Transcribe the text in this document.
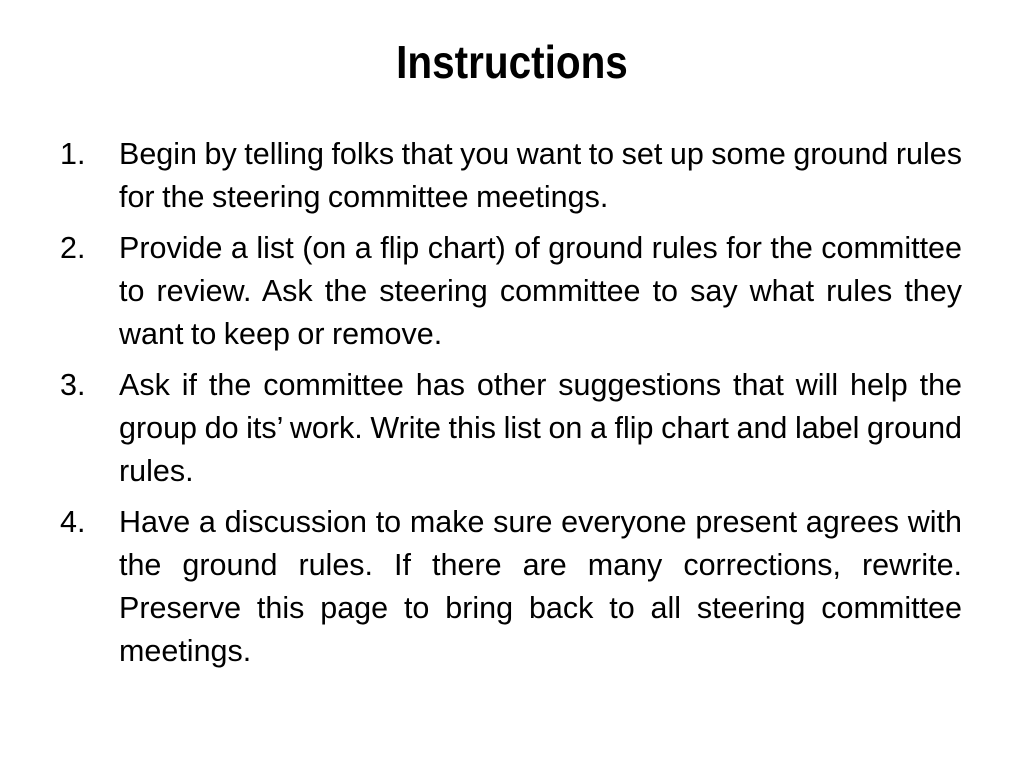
Instructions
1. Begin by telling folks that you want to set up some ground rules for the steering committee meetings.
2. Provide a list (on a flip chart) of ground rules for the committee to review. Ask the steering committee to say what rules they want to keep or remove.
3. Ask if the committee has other suggestions that will help the group do its’ work. Write this list on a flip chart and label ground rules.
4. Have a discussion to make sure everyone present agrees with the ground rules. If there are many corrections, rewrite. Preserve this page to bring back to all steering committee meetings.
